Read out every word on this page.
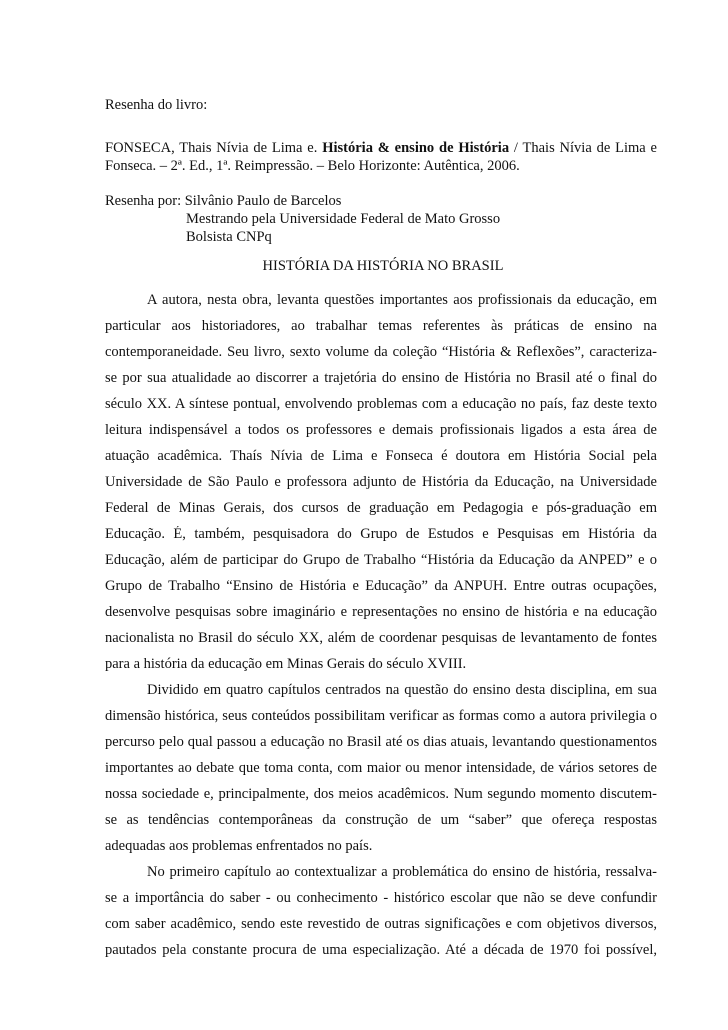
Resenha do livro:
FONSECA, Thais Nívia de Lima e. História & ensino de História / Thais Nívia de Lima e
Fonseca. – 2ª. Ed., 1ª. Reimpressão. – Belo Horizonte: Autêntica, 2006.
Resenha por: Silvânio Paulo de Barcelos
Mestrando pela Universidade Federal de Mato Grosso
Bolsista CNPq
HISTÓRIA DA HISTÓRIA NO BRASIL
A autora, nesta obra, levanta questões importantes aos profissionais da educação, em
particular aos historiadores, ao trabalhar temas referentes às práticas de ensino na
contemporaneidade. Seu livro, sexto volume da coleção “História & Reflexões”, caracteriza-
se por sua atualidade ao discorrer a trajetória do ensino de História no Brasil até o final do
século XX. A síntese pontual, envolvendo problemas com a educação no país, faz deste texto
leitura indispensável a todos os professores e demais profissionais ligados a esta área de
atuação acadêmica. Thaís Nívia de Lima e Fonseca é doutora em História Social pela
Universidade de São Paulo e professora adjunto de História da Educação, na Universidade
Federal de Minas Gerais, dos cursos de graduação em Pedagogia e pós-graduação em
Educação. É, também, pesquisadora do Grupo de Estudos e Pesquisas em História da
Educação, além de participar do Grupo de Trabalho “História da Educação da ANPED” e o
Grupo de Trabalho “Ensino de História e Educação” da ANPUH. Entre outras ocupações,
desenvolve pesquisas sobre imaginário e representações no ensino de história e na educação
nacionalista no Brasil do século XX, além de coordenar pesquisas de levantamento de fontes
para a história da educação em Minas Gerais do século XVIII.
Dividido em quatro capítulos centrados na questão do ensino desta disciplina, em sua
dimensão histórica, seus conteúdos possibilitam verificar as formas como a autora privilegia o
percurso pelo qual passou a educação no Brasil até os dias atuais, levantando questionamentos
importantes ao debate que toma conta, com maior ou menor intensidade, de vários setores de
nossa sociedade e, principalmente, dos meios acadêmicos. Num segundo momento discutem-
se as tendências contemporâneas da construção de um “saber” que ofereça respostas
adequadas aos problemas enfrentados no país.
No primeiro capítulo ao contextualizar a problemática do ensino de história, ressalva-
se a importância do saber - ou conhecimento - histórico escolar que não se deve confundir
com saber acadêmico, sendo este revestido de outras significações e com objetivos diversos,
pautados pela constante procura de uma especialização. Até a década de 1970 foi possível,
